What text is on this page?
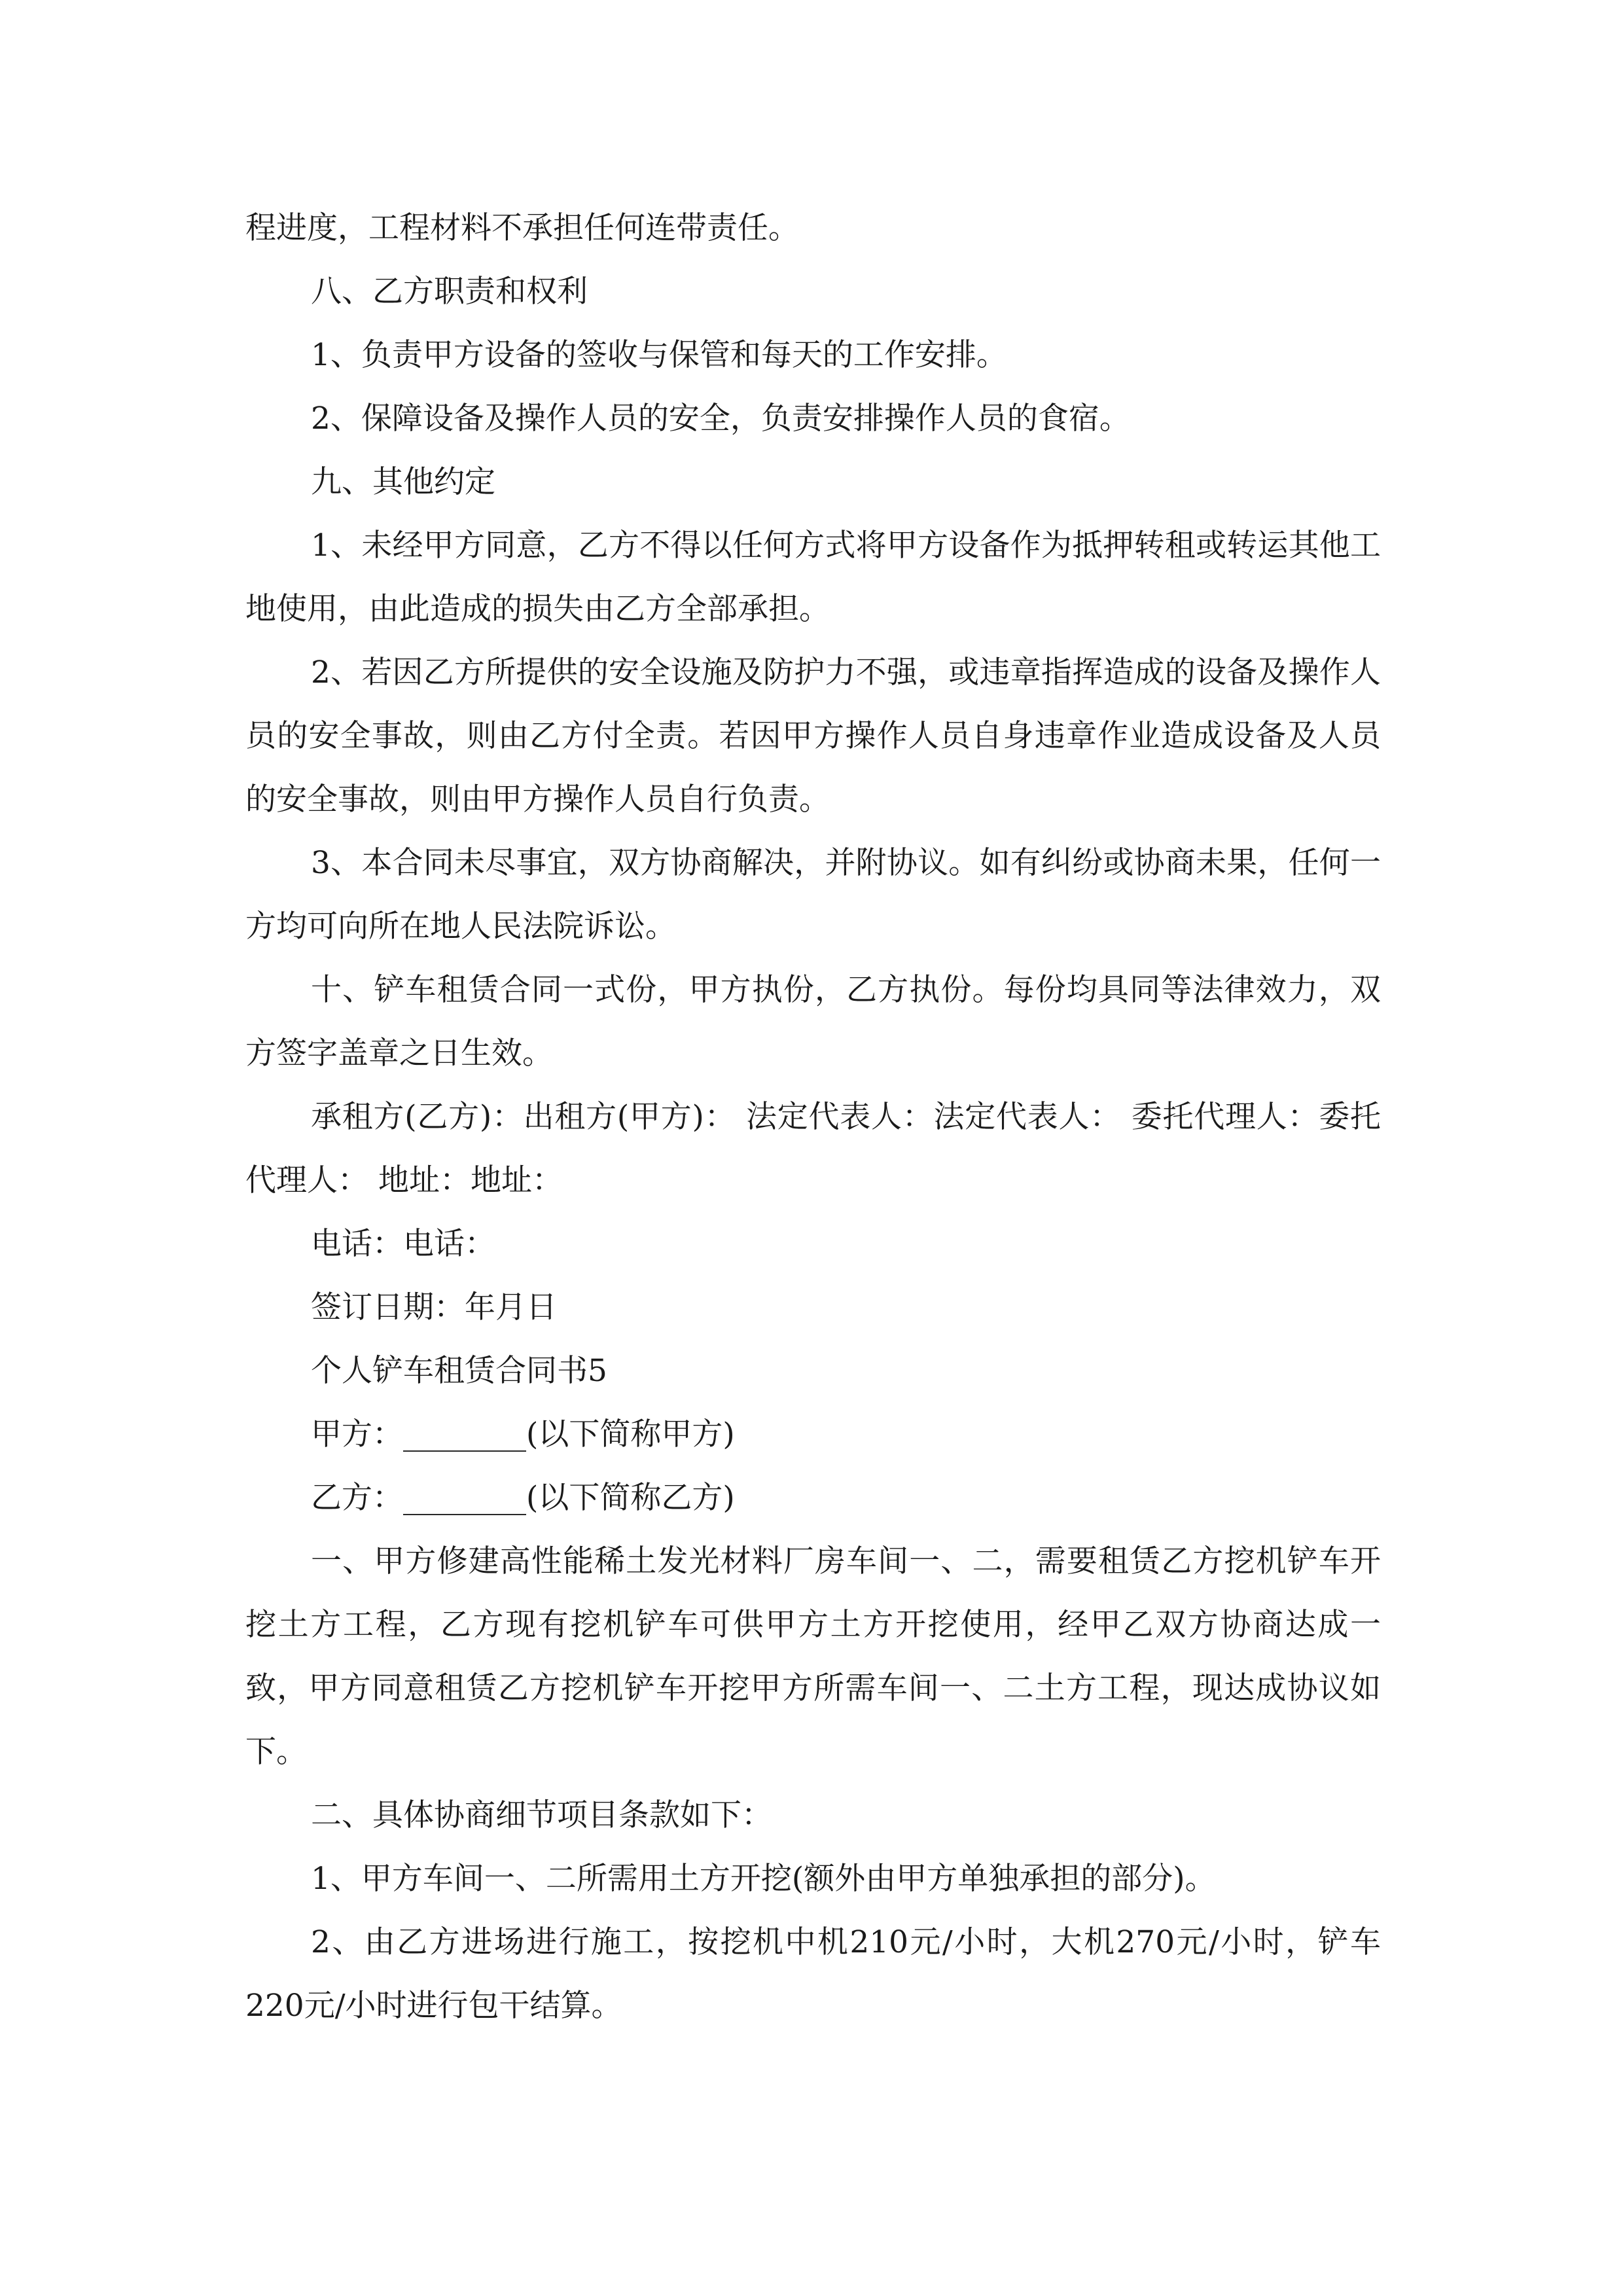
程进度，工程材料不承担任何连带责任。

八、乙方职责和权利

1、负责甲方设备的签收与保管和每天的工作安排。

2、保障设备及操作人员的安全，负责安排操作人员的食宿。

九、其他约定

1、未经甲方同意，乙方不得以任何方式将甲方设备作为抵押转租或转运其他工地使用，由此造成的损失由乙方全部承担。

2、若因乙方所提供的安全设施及防护力不强，或违章指挥造成的设备及操作人员的安全事故，则由乙方付全责。若因甲方操作人员自身违章作业造成设备及人员的安全事故，则由甲方操作人员自行负责。

3、本合同未尽事宜，双方协商解决，并附协议。如有纠纷或协商未果，任何一方均可向所在地人民法院诉讼。

十、铲车租赁合同一式份，甲方执份，乙方执份。每份均具同等法律效力，双方签字盖章之日生效。

承租方(乙方)：出租方(甲方)： 法定代表人：法定代表人： 委托代理人：委托代理人： 地址：地址：

电话：电话：

签订日期：年月日

个人铲车租赁合同书5

甲方：________(以下简称甲方)

乙方：________(以下简称乙方)

一、甲方修建高性能稀土发光材料厂房车间一、二，需要租赁乙方挖机铲车开挖土方工程，乙方现有挖机铲车可供甲方土方开挖使用，经甲乙双方协商达成一致，甲方同意租赁乙方挖机铲车开挖甲方所需车间一、二土方工程，现达成协议如下。

二、具体协商细节项目条款如下：

1、甲方车间一、二所需用土方开挖(额外由甲方单独承担的部分)。

2、由乙方进场进行施工，按挖机中机210元/小时，大机270元/小时，铲车220元/小时进行包干结算。
